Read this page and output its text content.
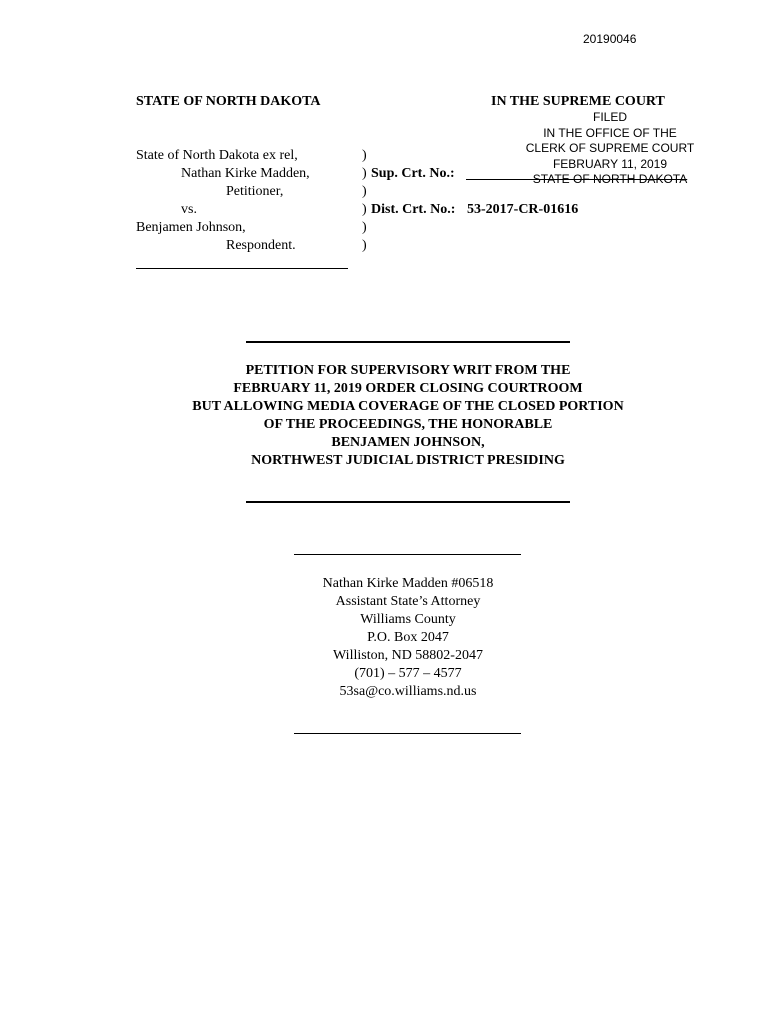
20190046
STATE OF NORTH DAKOTA	IN THE SUPREME COURT
FILED
IN THE OFFICE OF THE
CLERK OF SUPREME COURT
FEBRUARY 11, 2019
STATE OF NORTH DAKOTA
State of North Dakota ex rel,
Nathan Kirke Madden,
Petitioner,
vs.
Benjamen Johnson,
Respondent.
)
)
)
)
)
)
Sup. Crt. No.:
Dist. Crt. No.: 53-2017-CR-01616
PETITION FOR SUPERVISORY WRIT FROM THE
FEBRUARY 11, 2019 ORDER CLOSING COURTROOM
BUT ALLOWING MEDIA COVERAGE OF THE CLOSED PORTION
OF THE PROCEEDINGS, THE HONORABLE
BENJAMEN JOHNSON,
NORTHWEST JUDICIAL DISTRICT PRESIDING
Nathan Kirke Madden #06518
Assistant State’s Attorney
Williams County
P.O. Box 2047
Williston, ND 58802-2047
(701) – 577 – 4577
53sa@co.williams.nd.us
